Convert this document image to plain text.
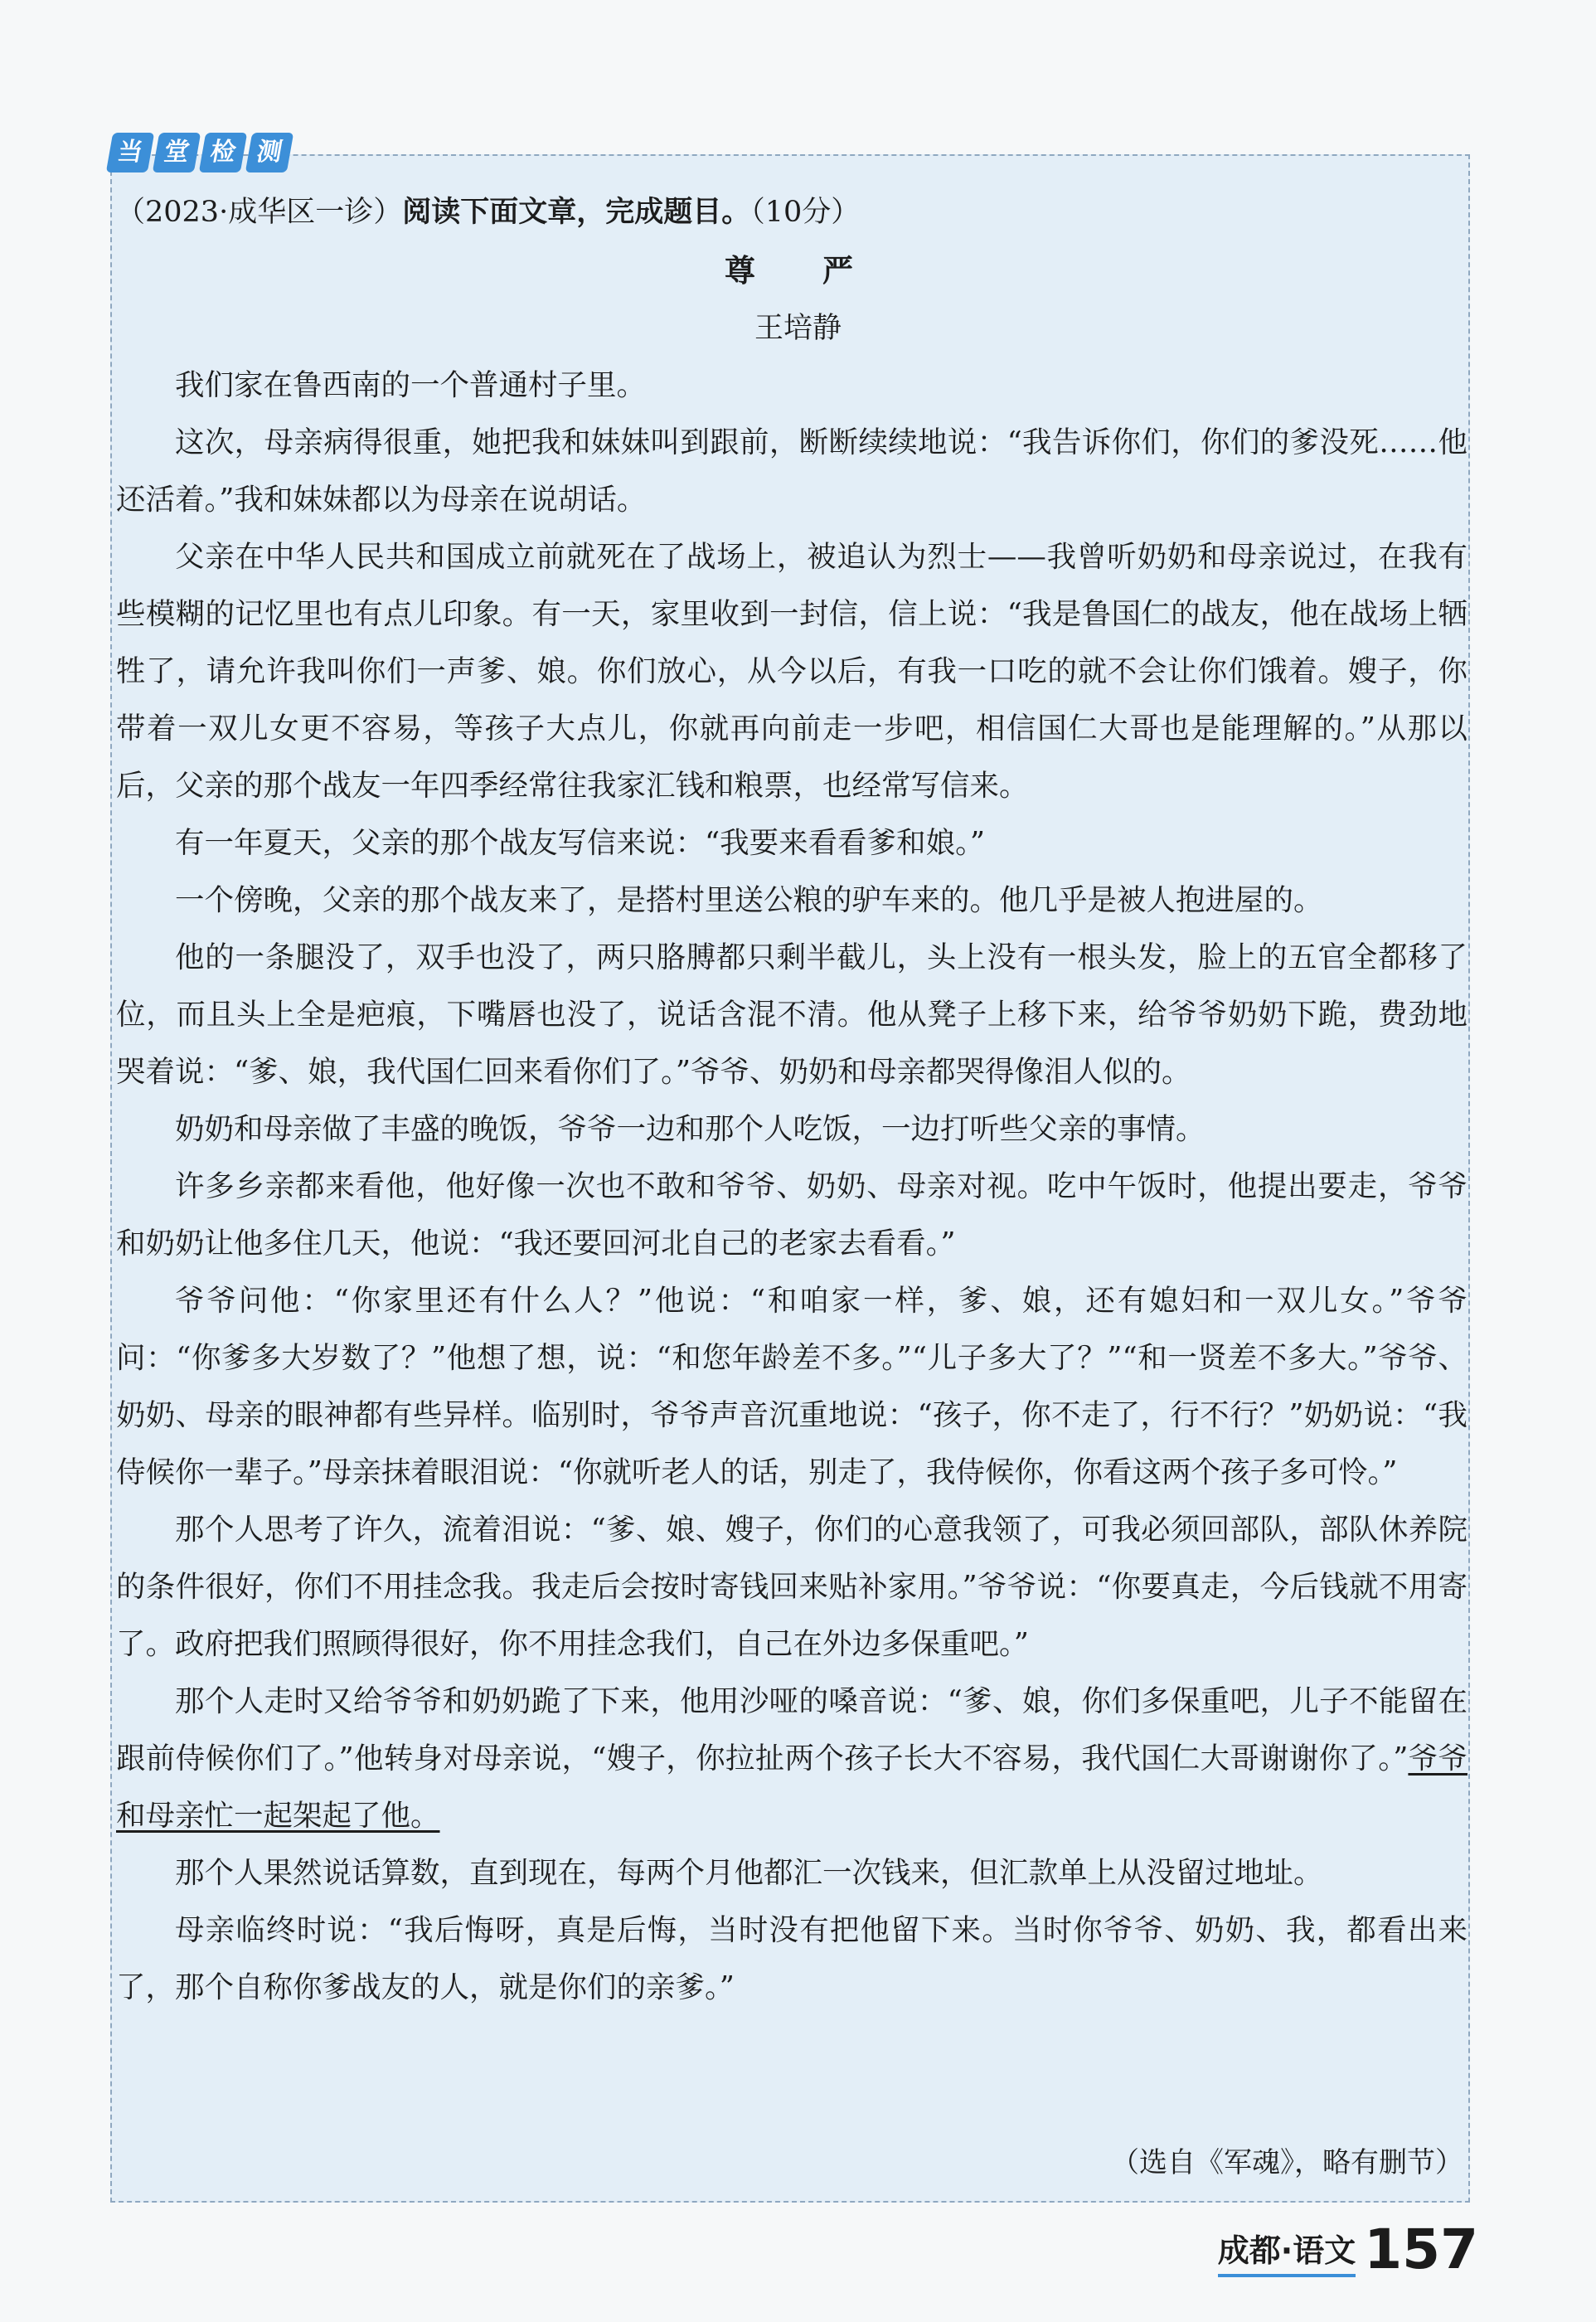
当 堂 检 测

（2023·成华区一诊）阅读下面文章，完成题目。（10分）

尊　严

王培静

我们家在鲁西南的一个普通村子里。

这次，母亲病得很重，她把我和妹妹叫到跟前，断断续续地说：“我告诉你们，你们的爹没死……他还活着。”我和妹妹都以为母亲在说胡话。

父亲在中华人民共和国成立前就死在了战场上，被追认为烈士——我曾听奶奶和母亲说过，在我有些模糊的记忆里也有点儿印象。有一天，家里收到一封信，信上说：“我是鲁国仁的战友，他在战场上牺牲了，请允许我叫你们一声爹、娘。你们放心，从今以后，有我一口吃的就不会让你们饿着。嫂子，你带着一双儿女更不容易，等孩子大点儿，你就再向前走一步吧，相信国仁大哥也是能理解的。”从那以后，父亲的那个战友一年四季经常往我家汇钱和粮票，也经常写信来。

有一年夏天，父亲的那个战友写信来说：“我要来看看爹和娘。”

一个傍晚，父亲的那个战友来了，是搭村里送公粮的驴车来的。他几乎是被人抱进屋的。

他的一条腿没了，双手也没了，两只胳膊都只剩半截儿，头上没有一根头发，脸上的五官全都移了位，而且头上全是疤痕，下嘴唇也没了，说话含混不清。他从凳子上移下来，给爷爷奶奶下跪，费劲地哭着说：“爹、娘，我代国仁回来看你们了。”爷爷、奶奶和母亲都哭得像泪人似的。

奶奶和母亲做了丰盛的晚饭，爷爷一边和那个人吃饭，一边打听些父亲的事情。

许多乡亲都来看他，他好像一次也不敢和爷爷、奶奶、母亲对视。吃中午饭时，他提出要走，爷爷和奶奶让他多住几天，他说：“我还要回河北自己的老家去看看。”

爷爷问他：“你家里还有什么人？”他说：“和咱家一样，爹、娘，还有媳妇和一双儿女。”爷爷问：“你爹多大岁数了？”他想了想，说：“和您年龄差不多。”“儿子多大了？”“和一贤差不多大。”爷爷、奶奶、母亲的眼神都有些异样。临别时，爷爷声音沉重地说：“孩子，你不走了，行不行？”奶奶说：“我侍候你一辈子。”母亲抹着眼泪说：“你就听老人的话，别走了，我侍候你，你看这两个孩子多可怜。”

那个人思考了许久，流着泪说：“爹、娘、嫂子，你们的心意我领了，可我必须回部队，部队休养院的条件很好，你们不用挂念我。我走后会按时寄钱回来贴补家用。”爷爷说：“你要真走，今后钱就不用寄了。政府把我们照顾得很好，你不用挂念我们，自己在外边多保重吧。”

那个人走时又给爷爷和奶奶跪了下来，他用沙哑的嗓音说：“爹、娘，你们多保重吧，儿子不能留在跟前侍候你们了。”他转身对母亲说，“嫂子，你拉扯两个孩子长大不容易，我代国仁大哥谢谢你了。”爷爷和母亲忙一起架起了他。

那个人果然说话算数，直到现在，每两个月他都汇一次钱来，但汇款单上从没留过地址。

母亲临终时说：“我后悔呀，真是后悔，当时没有把他留下来。当时你爷爷、奶奶、我，都看出来了，那个自称你爹战友的人，就是你们的亲爹。”

（选自《军魂》，略有删节）

成都·语文 157
